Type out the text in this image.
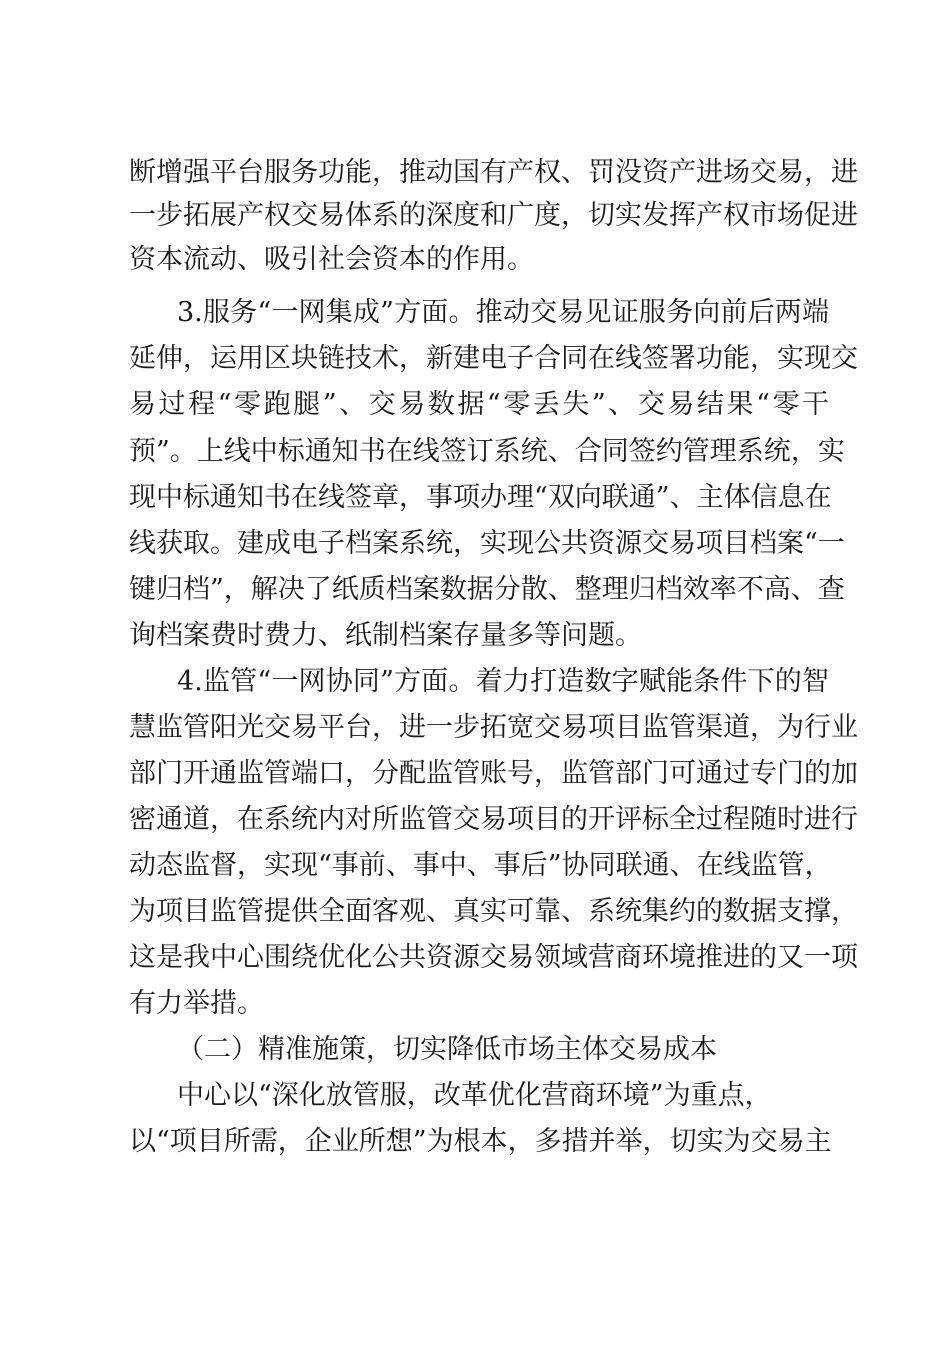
断增强平台服务功能，推动国有产权、罚没资产进场交易，进
一步拓展产权交易体系的深度和广度，切实发挥产权市场促进
资本流动、吸引社会资本的作用。
3.服务“一网集成”方面。推动交易见证服务向前后两端
延伸，运用区块链技术，新建电子合同在线签署功能，实现交
易过程“零跑腿”、交易数据“零丢失”、交易结果“零干
预”。上线中标通知书在线签订系统、合同签约管理系统，实
现中标通知书在线签章，事项办理“双向联通”、主体信息在
线获取。建成电子档案系统，实现公共资源交易项目档案“一
键归档”，解决了纸质档案数据分散、整理归档效率不高、查
询档案费时费力、纸制档案存量多等问题。
4.监管“一网协同”方面。着力打造数字赋能条件下的智
慧监管阳光交易平台，进一步拓宽交易项目监管渠道，为行业
部门开通监管端口，分配监管账号，监管部门可通过专门的加
密通道，在系统内对所监管交易项目的开评标全过程随时进行
动态监督，实现“事前、事中、事后”协同联通、在线监管，
为项目监管提供全面客观、真实可靠、系统集约的数据支撑，
这是我中心围绕优化公共资源交易领域营商环境推进的又一项
有力举措。
（二）精准施策，切实降低市场主体交易成本
中心以“深化放管服，改革优化营商环境”为重点，
以“项目所需，企业所想”为根本，多措并举，切实为交易主
